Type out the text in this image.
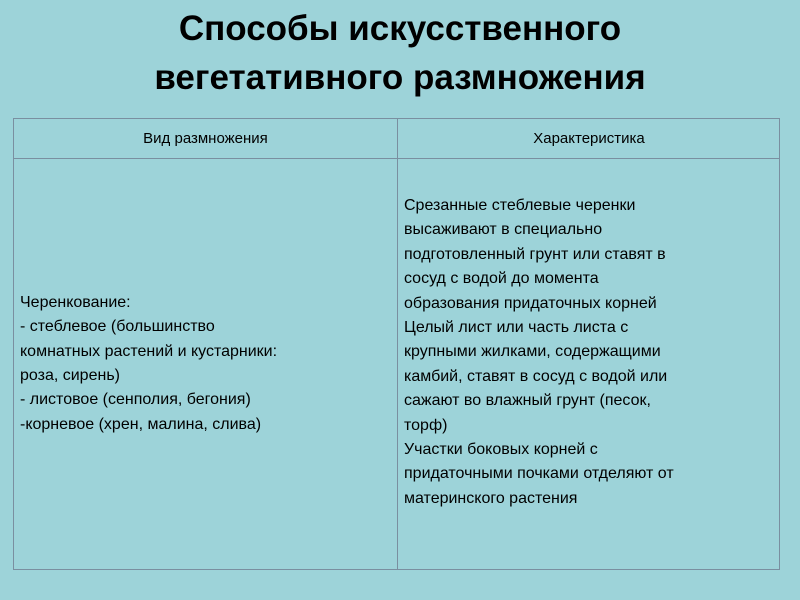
Способы искусственного
вегетативного размножения
Вид размножения	Характеристика
Черенкование:
- стеблевое (большинство
комнатных растений и кустарники:
роза, сирень)
- листовое (сенполия, бегония)
-корневое (хрен, малина, слива)
Срезанные стеблевые черенки
высаживают в специально
подготовленный грунт или ставят в
сосуд с водой до момента
образования придаточных корней
Целый лист или часть листа с
крупными жилками, содержащими
камбий, ставят в сосуд с водой или
сажают во влажный грунт (песок,
торф)
Участки боковых корней с
придаточными почками отделяют от
материнского растения
